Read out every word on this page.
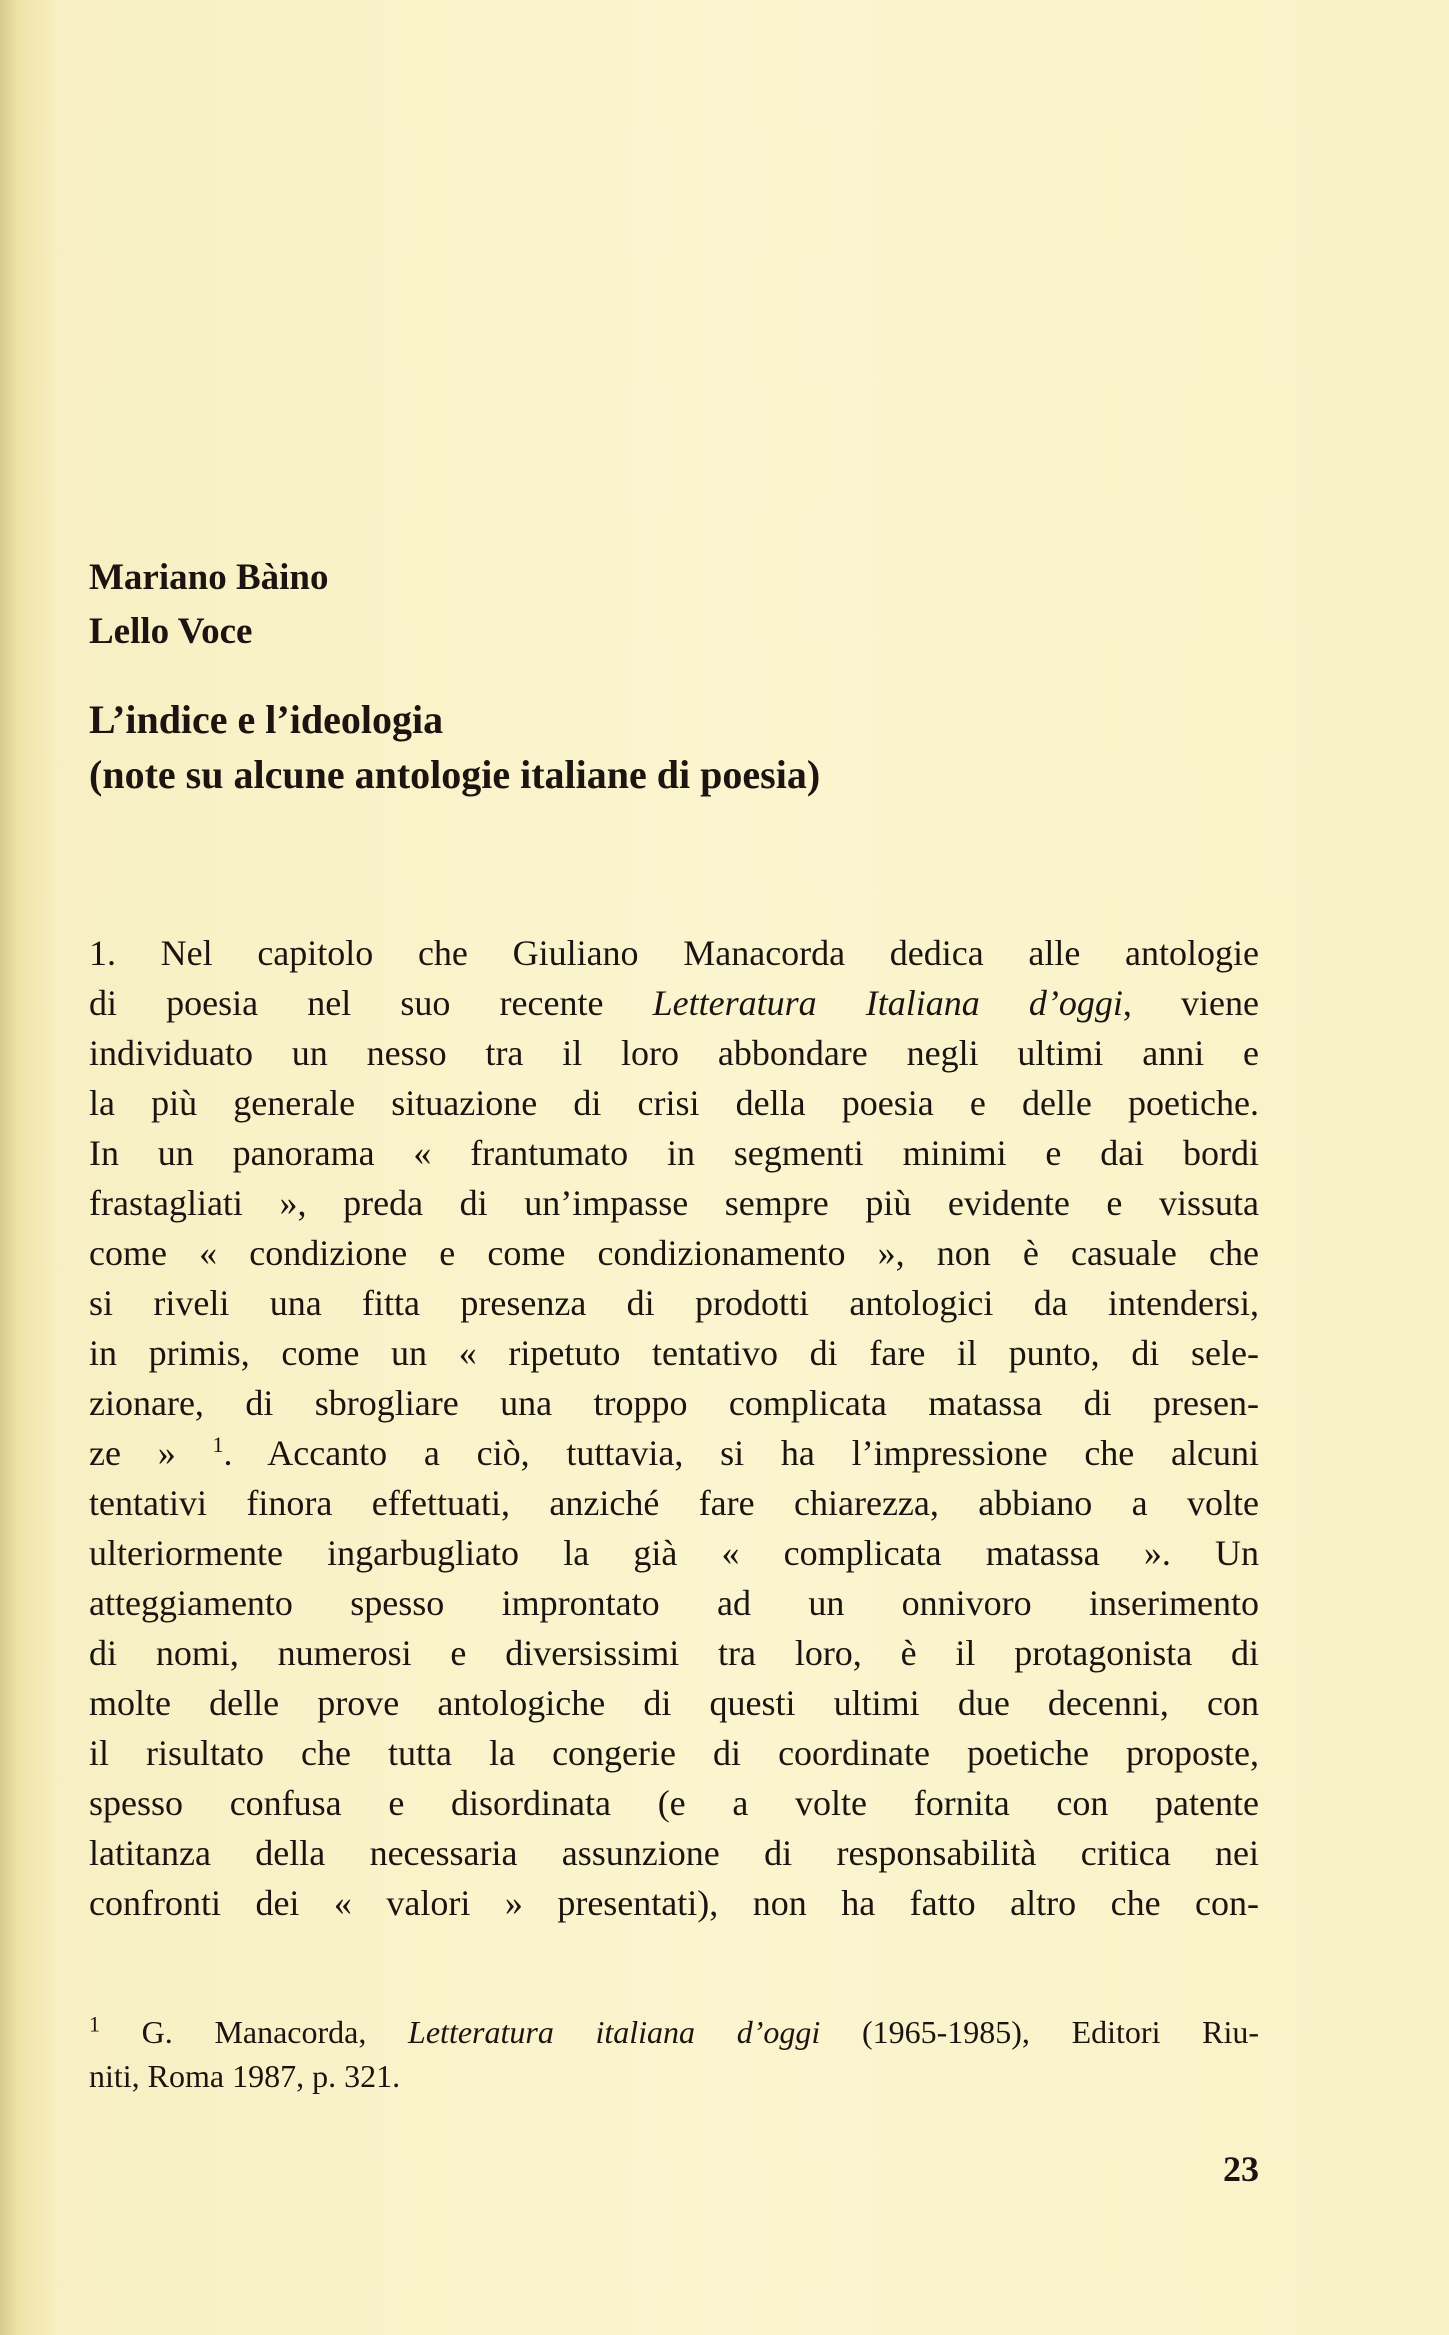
Mariano Bàino
Lello Voce
L’indice e l’ideologia
(note su alcune antologie italiane di poesia)
1. Nel capitolo che Giuliano Manacorda dedica alle antologie
di poesia nel suo recente Letteratura Italiana d’oggi, viene
individuato un nesso tra il loro abbondare negli ultimi anni e
la più generale situazione di crisi della poesia e delle poetiche.
In un panorama « frantumato in segmenti minimi e dai bordi
frastagliati », preda di un’impasse sempre più evidente e vissuta
come « condizione e come condizionamento », non è casuale che
si riveli una fitta presenza di prodotti antologici da intendersi,
in primis, come un « ripetuto tentativo di fare il punto, di sele-
zionare, di sbrogliare una troppo complicata matassa di presen-
ze » $^1$. Accanto a ciò, tuttavia, si ha l’impressione che alcuni
tentativi finora effettuati, anziché fare chiarezza, abbiano a volte
ulteriormente ingarbugliato la già « complicata matassa ». Un
atteggiamento spesso improntato ad un onnivoro inserimento
di nomi, numerosi e diversissimi tra loro, è il protagonista di
molte delle prove antologiche di questi ultimi due decenni, con
il risultato che tutta la congerie di coordinate poetiche proposte,
spesso confusa e disordinata (e a volte fornita con patente
latitanza della necessaria assunzione di responsabilità critica nei
confronti dei « valori » presentati), non ha fatto altro che con-
$^1$ G. Manacorda, Letteratura italiana d’oggi (1965-1985), Editori Riu-
niti, Roma 1987, p. 321.
23
